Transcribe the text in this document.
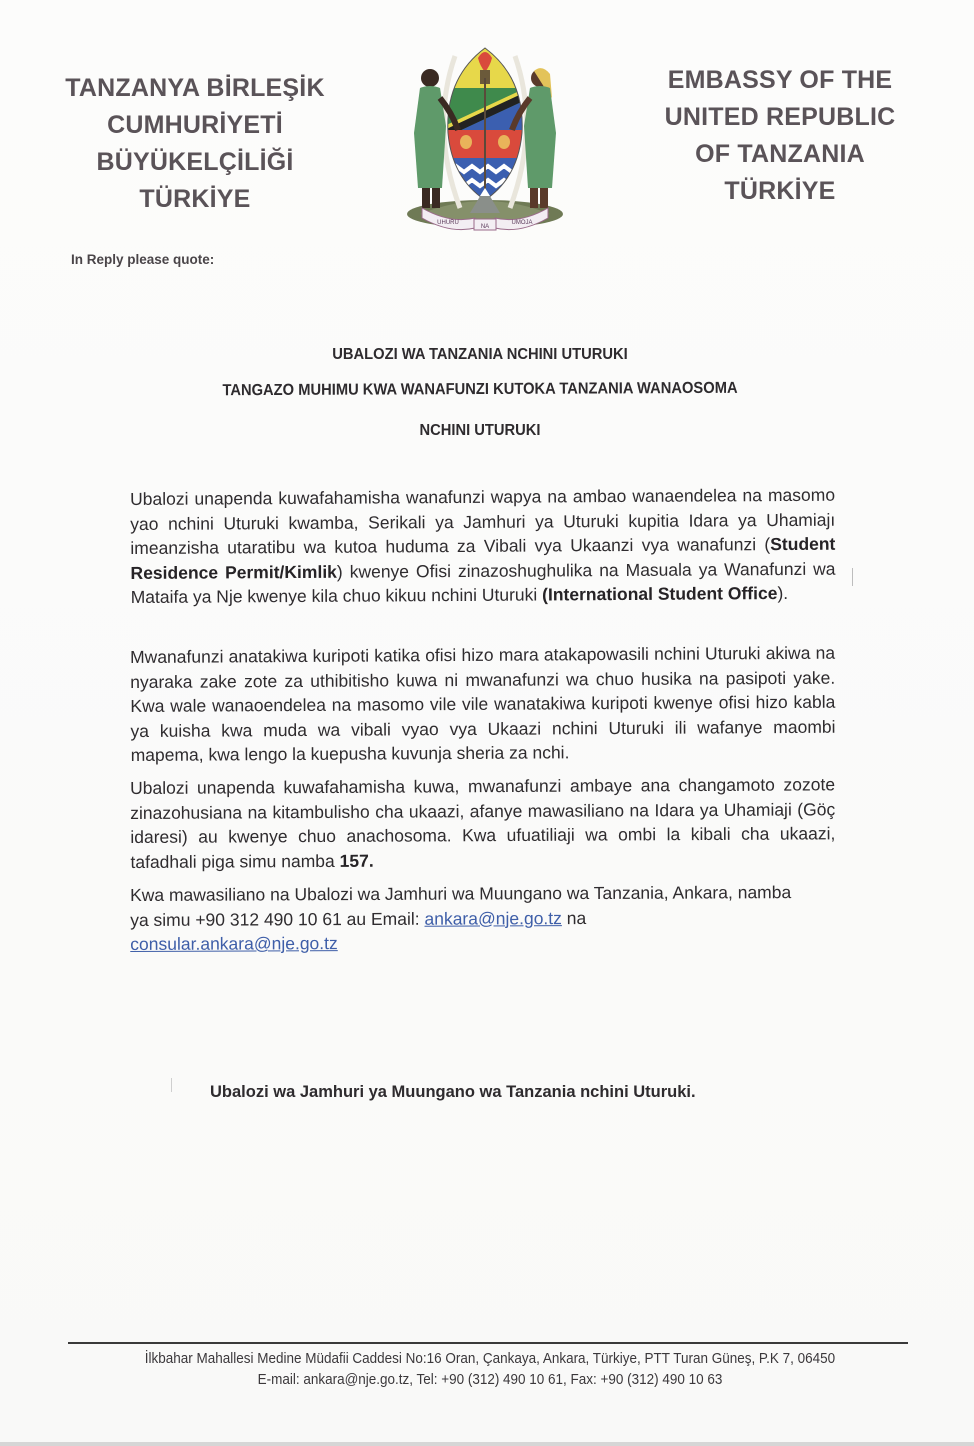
TANZANYA BİRLEŞİK
CUMHURİYETİ
BÜYÜKELÇİLİĞİ
TÜRKİYE
UHURU
NA
UMOJA
EMBASSY OF THE
UNITED REPUBLIC
OF TANZANIA
TÜRKİYE
In Reply please quote:
UBALOZI WA TANZANIA NCHINI UTURUKI
TANGAZO MUHIMU KWA WANAFUNZI KUTOKA TANZANIA WANAOSOMA
NCHINI UTURUKI
Ubalozi unapenda kuwafahamisha wanafunzi wapya na ambao wanaendelea na masomo yao nchini Uturuki kwamba, Serikali ya Jamhuri ya Uturuki kupitia Idara ya Uhamiajı imeanzisha utaratibu wa kutoa huduma za Vibali vya Ukaanzi vya wanafunzi (Student Residence Permit/Kimlik) kwenye Ofisi zinazoshughulika na Masuala ya Wanafunzi wa Mataifa ya Nje kwenye kila chuo kikuu nchini Uturuki (International Student Office).
Mwanafunzi anatakiwa kuripoti katika ofisi hizo mara atakapowasili nchini Uturuki akiwa na nyaraka zake zote za uthibitisho kuwa ni mwanafunzi wa chuo husika na pasipoti yake. Kwa wale wanaoendelea na masomo vile vile wanatakiwa kuripoti kwenye ofisi hizo kabla ya kuisha kwa muda wa vibali vyao vya Ukaazi nchini Uturuki ili wafanye maombi mapema, kwa lengo la kuepusha kuvunja sheria za nchi.
Ubalozi unapenda kuwafahamisha kuwa, mwanafunzi ambaye ana changamoto zozote zinazohusiana na kitambulisho cha ukaazi, afanye mawasiliano na Idara ya Uhamiaji (Göç idaresi) au kwenye chuo anachosoma. Kwa ufuatiliaji wa ombi la kibali cha ukaazi, tafadhali piga simu namba 157.
Kwa mawasiliano na Ubalozi wa Jamhuri wa Muungano wa Tanzania, Ankara, namba ya simu +90 312 490 10 61 au Email: ankara@nje.go.tz na
consular.ankara@nje.go.tz
Ubalozi wa Jamhuri ya Muungano wa Tanzania nchini Uturuki.
İlkbahar Mahallesi Medine Müdafii Caddesi No:16 Oran, Çankaya, Ankara, Türkiye, PTT Turan Güneş, P.K 7, 06450
E-mail: ankara@nje.go.tz, Tel: +90 (312) 490 10 61, Fax: +90 (312) 490 10 63
